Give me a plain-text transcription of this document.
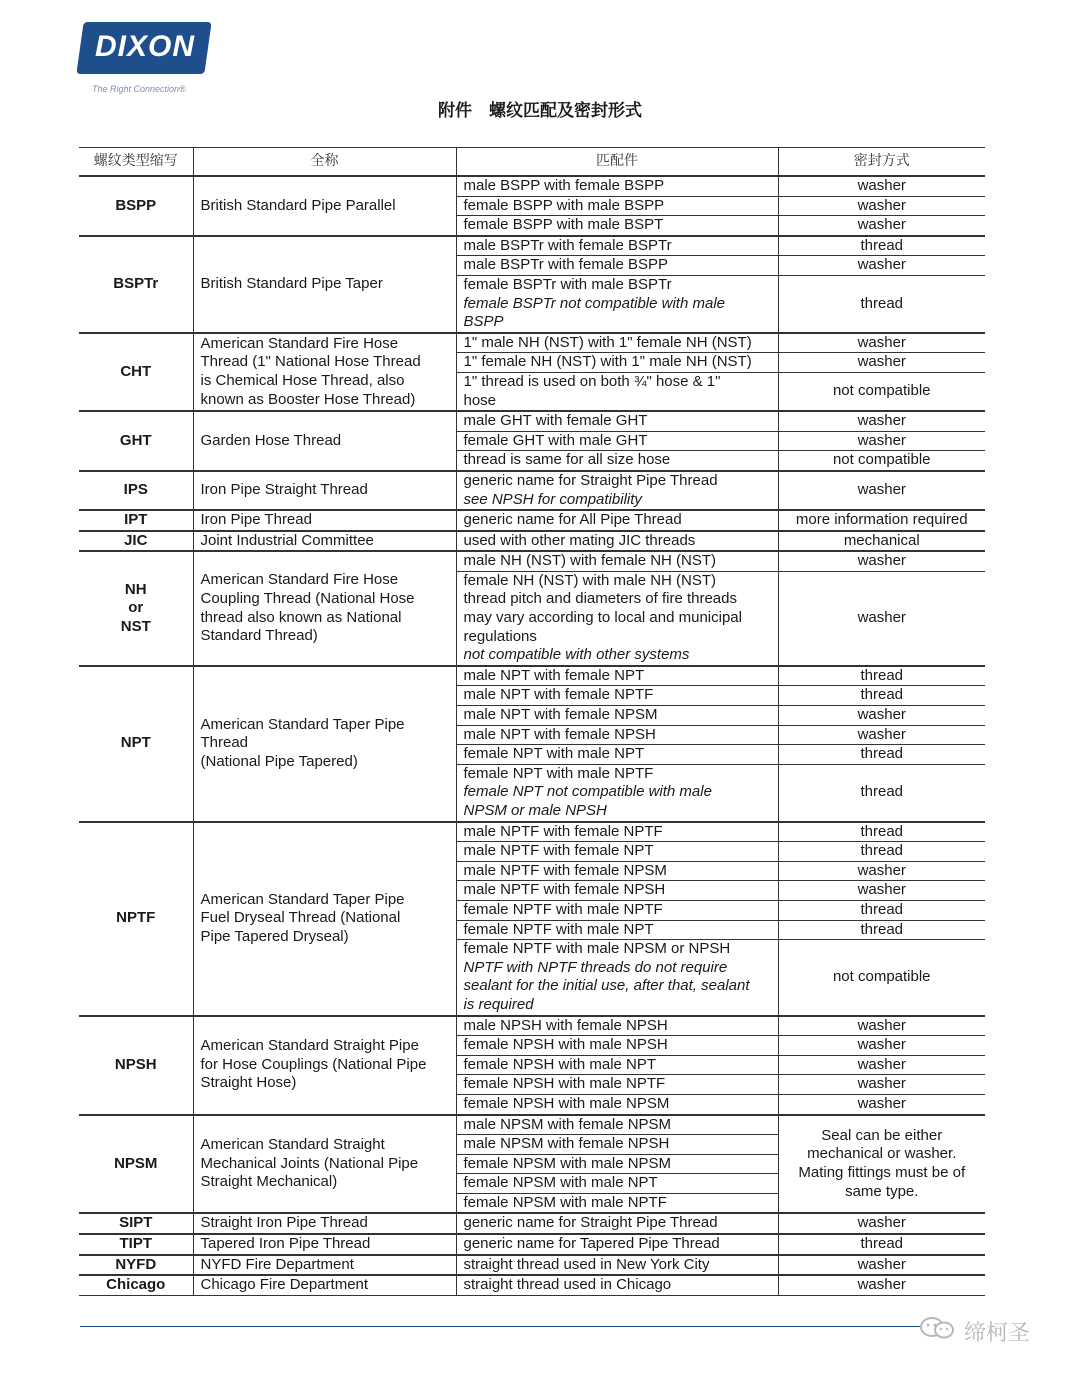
DIXON
The Right Connection®
附件　螺纹匹配及密封形式
螺纹类型缩写	全称	匹配件	密封方式

BSPP	British Standard Pipe Parallel	male BSPP with female BSPP	washer

		female BSPP with male BSPP	washer

		female BSPP with male BSPT	washer

BSPTr	British Standard Pipe Taper	male BSPTr with female BSPTr	thread

		male BSPTr with female BSPP	washer

		female BSPTr with male BSPTr
female BSPTr not compatible with male
BSPP	thread

CHT	American Standard Fire Hose
Thread (1" National Hose Thread
is Chemical Hose Thread, also
known as Booster Hose Thread)	1" male NH (NST) with 1" female NH (NST)	washer

		1" female NH (NST) with 1" male NH (NST)	washer

		1" thread is used on both ¾" hose & 1"
hose	not compatible

GHT	Garden Hose Thread	male GHT with female GHT	washer

		female GHT with male GHT	washer

		thread is same for all size hose	not compatible

IPS	Iron Pipe Straight Thread	generic name for Straight Pipe Thread
see NPSH for compatibility	washer

IPT	Iron Pipe Thread	generic name for All Pipe Thread	more information required

JIC	Joint Industrial Committee	used with other mating JIC threads	mechanical

NH
or
NST	American Standard Fire Hose
Coupling Thread (National Hose
thread also known as National
Standard Thread)	male NH (NST) with female NH (NST)	washer

		female NH (NST) with male NH (NST)
thread pitch and diameters of fire threads
may vary according to local and municipal
regulations
not compatible with other systems	washer

NPT	American Standard Taper Pipe
Thread
(National Pipe Tapered)	male NPT with female NPT	thread

		male NPT with female NPTF	thread

		male NPT with female NPSM	washer

		male NPT with female NPSH	washer

		female NPT with male NPT	thread

		female NPT with male NPTF
female NPT not compatible with male
NPSM or male NPSH	thread

NPTF	American Standard Taper Pipe
Fuel Dryseal Thread (National
Pipe Tapered Dryseal)	male NPTF with female NPTF	thread

		male NPTF with female NPT	thread

		male NPTF with female NPSM	washer

		male NPTF with female NPSH	washer

		female NPTF with male NPTF	thread

		female NPTF with male NPT	thread

		female NPTF with male NPSM or NPSH
NPTF with NPTF threads do not require
sealant for the initial use, after that, sealant
is required	not compatible

NPSH	American Standard Straight Pipe
for Hose Couplings (National Pipe
Straight Hose)	male NPSH with female NPSH	washer

		female NPSH with male NPSH	washer

		female NPSH with male NPT	washer

		female NPSH with male NPTF	washer

		female NPSH with male NPSM	washer

NPSM	American Standard Straight
Mechanical Joints (National Pipe
Straight Mechanical)	male NPSM with female NPSM	Seal can be either
mechanical or washer.
Mating fittings must be of
same type.

		male NPSM with female NPSH	

		female NPSM with male NPSM	

		female NPSM with male NPT	

		female NPSM with male NPTF	

SIPT	Straight Iron Pipe Thread	generic name for Straight Pipe Thread	washer

TIPT	Tapered Iron Pipe Thread	generic name for Tapered Pipe Thread	thread

NYFD	NYFD Fire Department	straight thread used in New York City	washer

Chicago	Chicago Fire Department	straight thread used in Chicago	washer
缔柯圣
